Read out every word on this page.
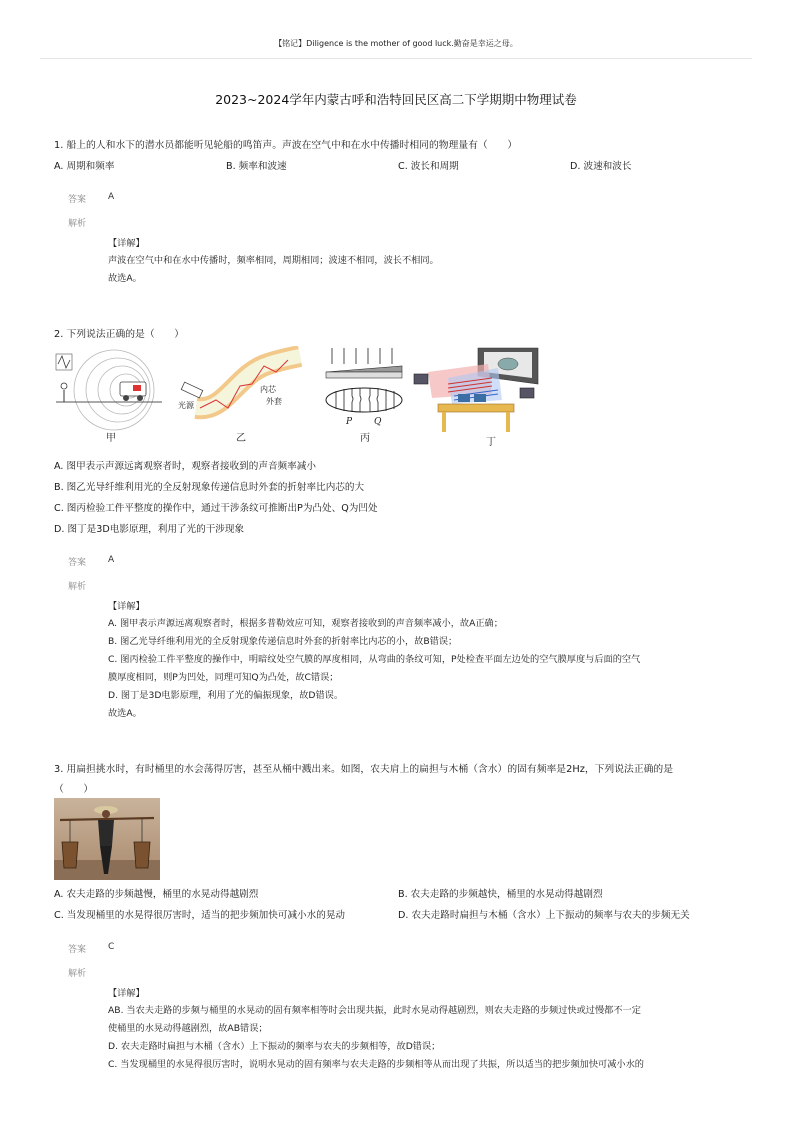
【铭记】Diligence is the mother of good luck.勤奋是幸运之母。
2023~2024学年内蒙古呼和浩特回民区高二下学期期中物理试卷
1. 船上的人和水下的潜水员都能听见轮船的鸣笛声。声波在空气中和在水中传播时相同的物理量有（　　）
A. 周期和频率	B. 频率和波速	C. 波长和周期	D. 波速和波长
答案 A
解析
【详解】
声波在空气中和在水中传播时，频率相同，周期相同；波速不相同，波长不相同。
故选A。
2. 下列说法正确的是（　　）
甲
光源
内芯
外套
乙
P Q
丙	丁
A. 图甲表示声源远离观察者时，观察者接收到的声音频率减小
B. 图乙光导纤维利用光的全反射现象传递信息时外套的折射率比内芯的大
C. 图丙检验工件平整度的操作中，通过干涉条纹可推断出P为凸处、Q为凹处
D. 图丁是3D电影原理，利用了光的干涉现象
答案 A
解析
【详解】
A. 图甲表示声源远离观察者时，根据多普勒效应可知，观察者接收到的声音频率减小，故A正确；
B. 图乙光导纤维利用光的全反射现象传递信息时外套的折射率比内芯的小，故B错误；
C. 图丙检验工件平整度的操作中，明暗纹处空气膜的厚度相同，从弯曲的条纹可知，P处检查平面左边处的空气膜厚度与后面的空气
膜厚度相同，则P为凹处，同理可知Q为凸处，故C错误；
D. 图丁是3D电影原理，利用了光的偏振现象，故D错误。
故选A。
3. 用扁担挑水时，有时桶里的水会荡得厉害，甚至从桶中溅出来。如图，农夫肩上的扁担与木桶（含水）的固有频率是2Hz，下列说法正确的是
（　　）
A. 农夫走路的步频越慢，桶里的水晃动得越剧烈	B. 农夫走路的步频越快，桶里的水晃动得越剧烈
C. 当发现桶里的水晃得很厉害时，适当的把步频加快可减小水的晃动	D. 农夫走路时扁担与木桶（含水）上下振动的频率与农夫的步频无关
答案 C
解析
【详解】
AB. 当农夫走路的步频与桶里的水晃动的固有频率相等时会出现共振，此时水晃动得越剧烈，则农夫走路的步频过快或过慢都不一定
使桶里的水晃动得越剧烈，故AB错误；
D. 农夫走路时扁担与木桶（含水）上下振动的频率与农夫的步频相等，故D错误；
C. 当发现桶里的水晃得很厉害时，说明水晃动的固有频率与农夫走路的步频相等从而出现了共振，所以适当的把步频加快可减小水的
